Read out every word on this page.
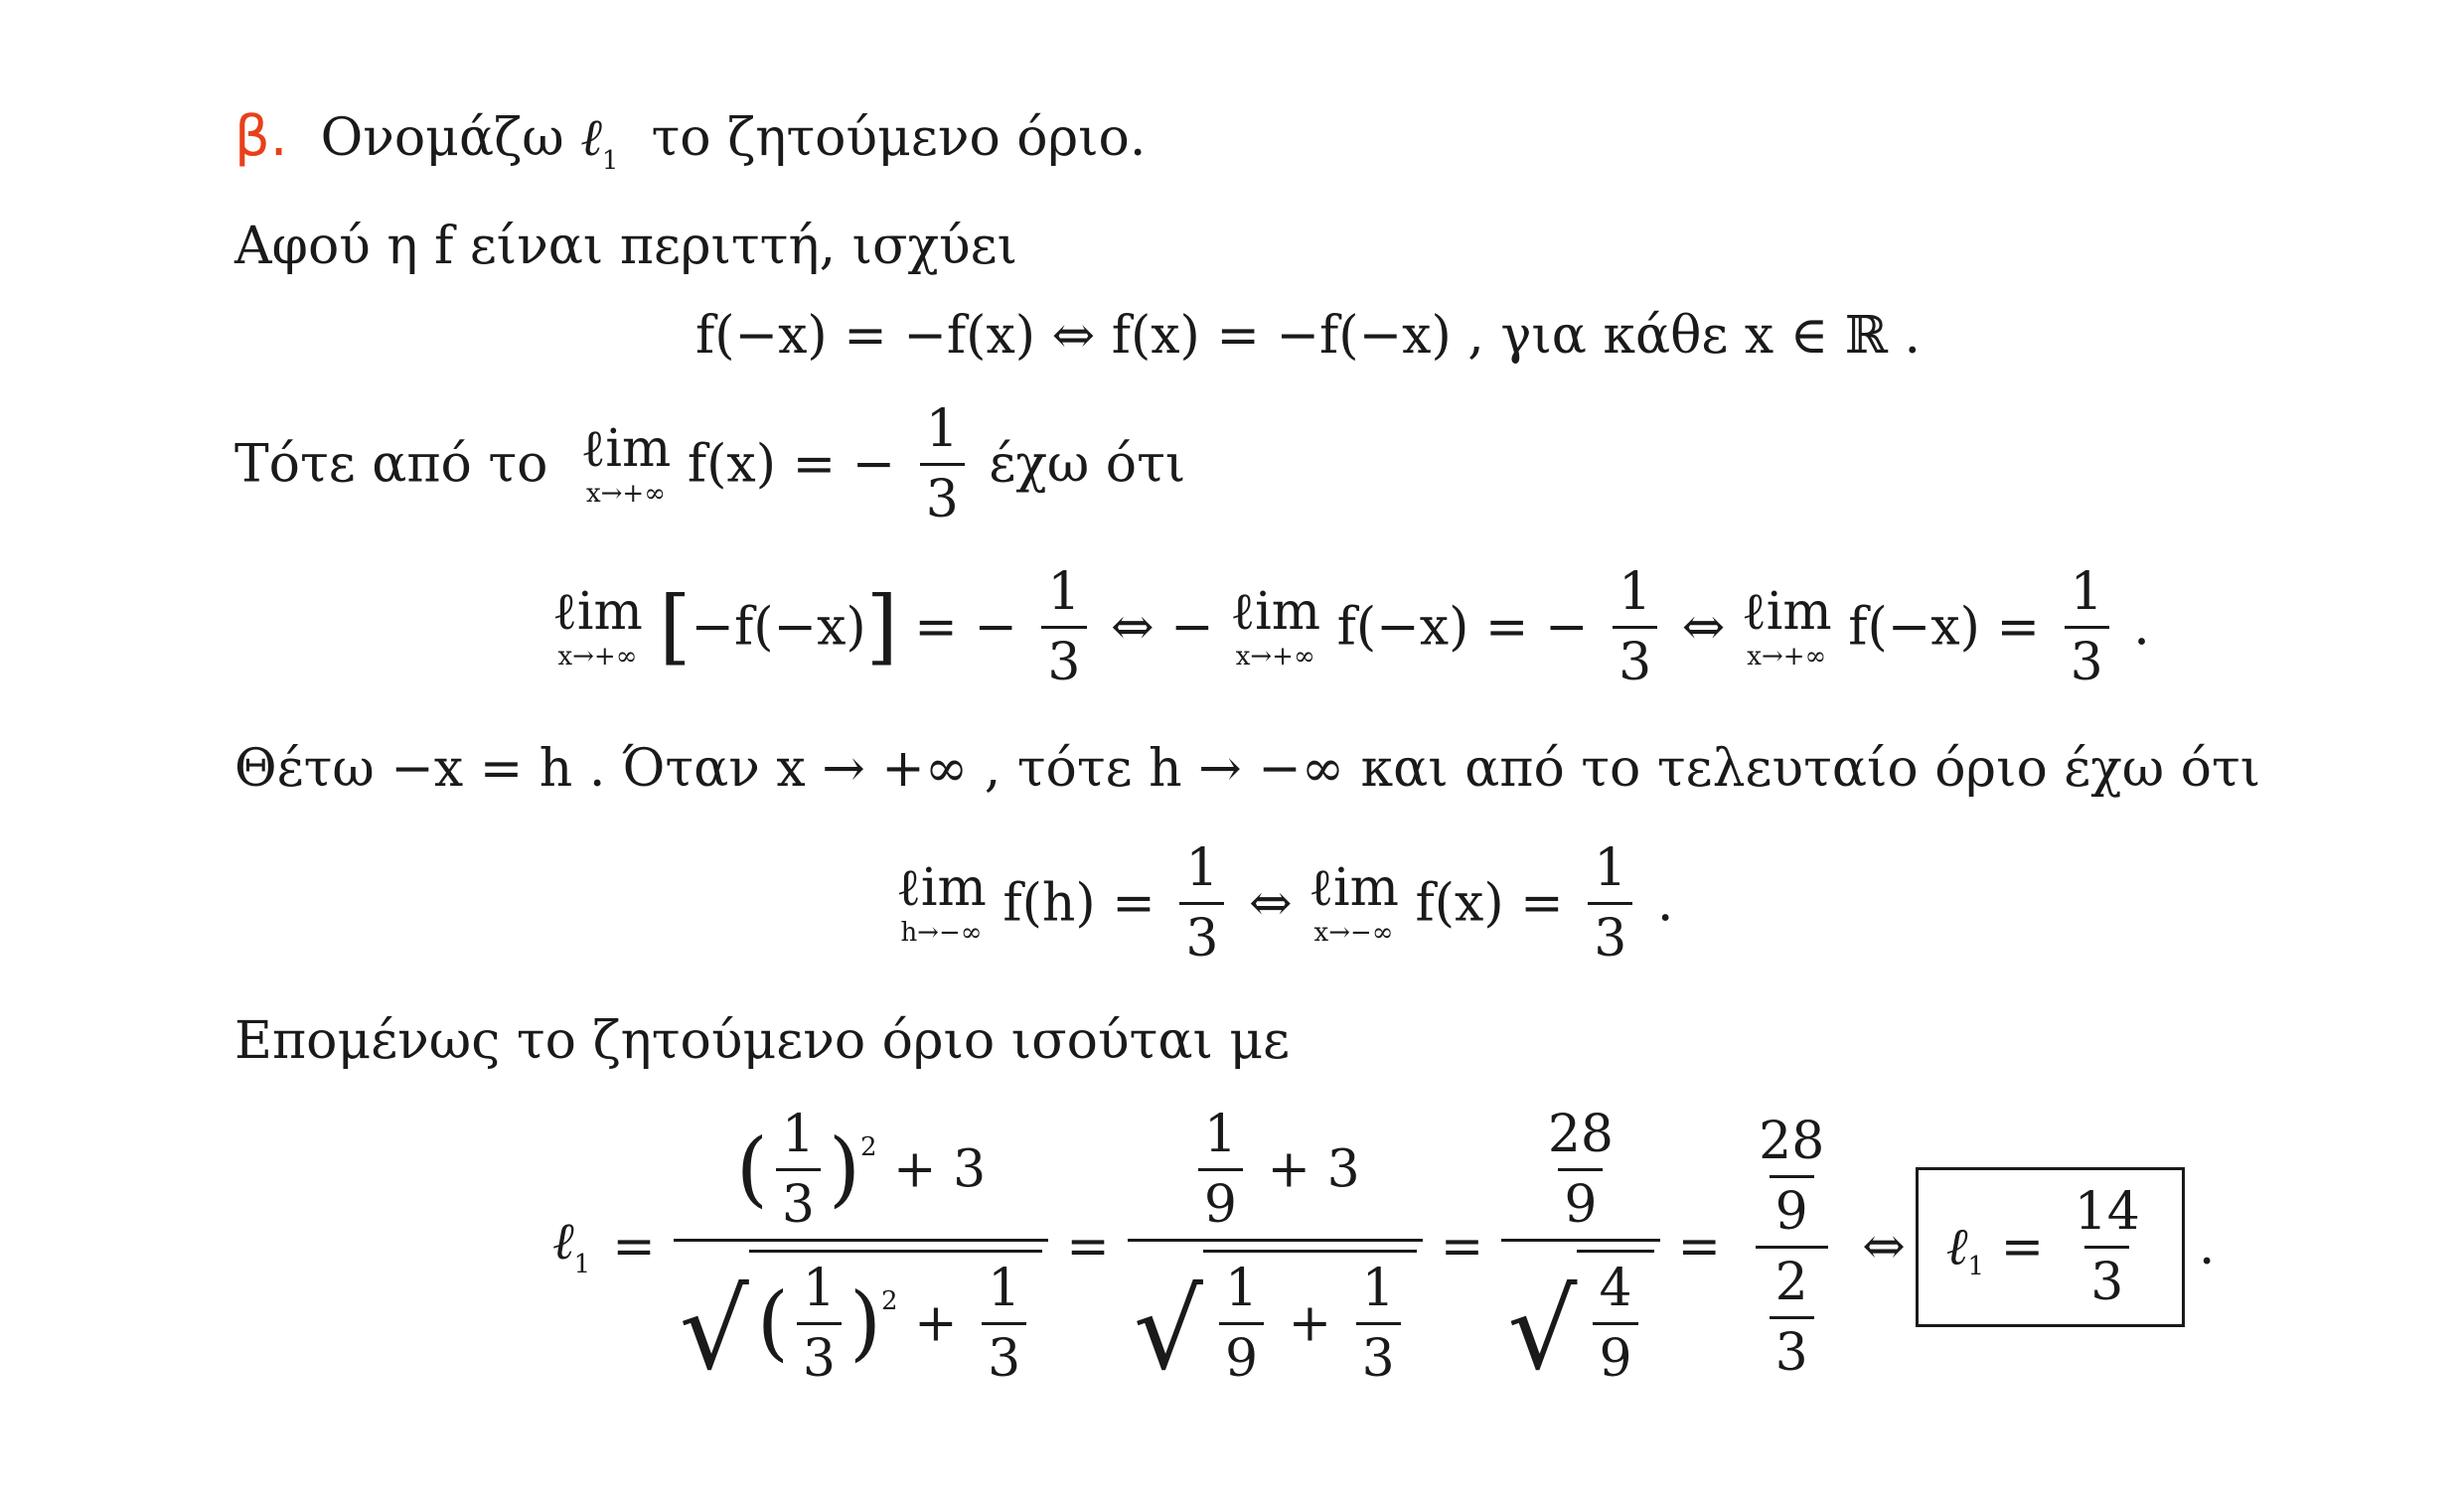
β. Ονομάζω ℓ$_1$ το ζητούμενο όριο.
Αφού η f είναι περιττή, ισχύει
f(−x) = −f(x) ⇔ f(x) = −f(−x) , για κάθε x ∈ ℝ .
Τότε από το ℓim
x→+∞ f(x) = − $\frac{1}{3}$ έχω ότι
ℓim
x→+∞ [−f(−x)] = − $\frac{1}{3}$ ⇔ − ℓim
x→+∞ f(−x) = − $\frac{1}{3}$ ⇔ ℓim
x→+∞ $f(-x) = \frac{1}{3}$ .
Θέτω −x = h . Όταν x → +∞ , τότε h → −∞ και από το τελευταίο όριο έχω ότι
ℓim
h→−∞ $f(h) = \frac{1}{3}$ ⇔ ℓim
x→−∞ $f(x) = \frac{1}{3}$ .
Επομένως το ζητούμενο όριο ισούται με
ℓ$_1$ = $\frac{( \frac{1}{3} )^2 + 3}{√ ( \frac{1}{3} )^2 + \frac{1}{3}} = \frac{\frac{1}{9} + 3}{√ \frac{1}{9} + \frac{1}{3}} = \frac{\frac{28}{9}}{√ \frac{4}{9}} = \frac{\frac{28}{9}}{\frac{2}{3}}$ ⇔ ℓ$_1$ = $\frac{14}{3}$ .
